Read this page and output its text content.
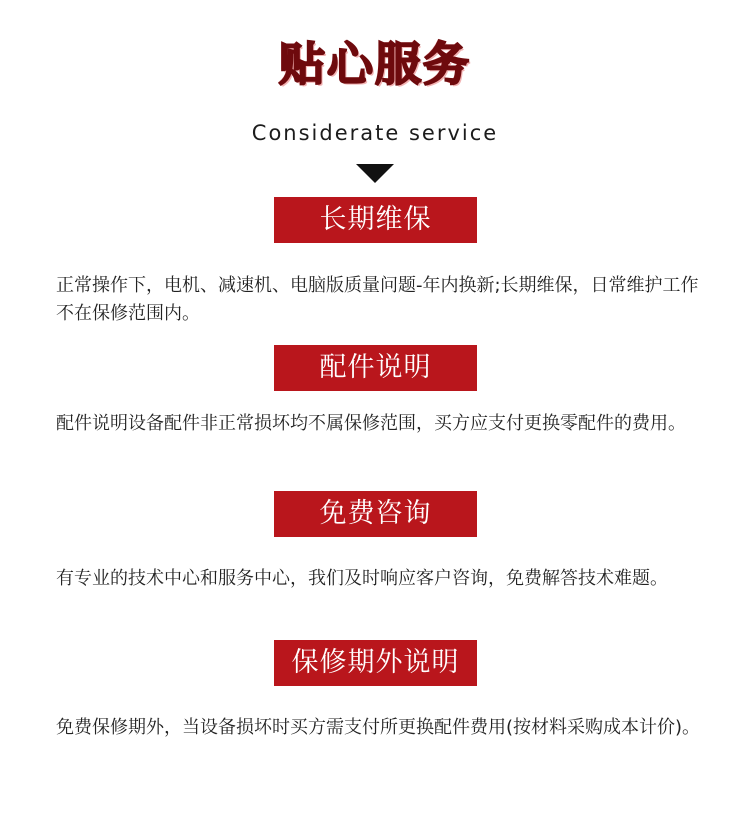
贴心服务
Considerate service
长期维保

正常操作下，电机、减速机、电脑版质量问题-年内换新;长期维保，日常维护工作不在保修范围内。

配件说明

配件说明设备配件非正常损坏均不属保修范围，买方应支付更换零配件的费用。

免费咨询

有专业的技术中心和服务中心，我们及时响应客户咨询，免费解答技术难题。

保修期外说明

免费保修期外，当设备损坏时买方需支付所更换配件费用(按材料采购成本计价)。
